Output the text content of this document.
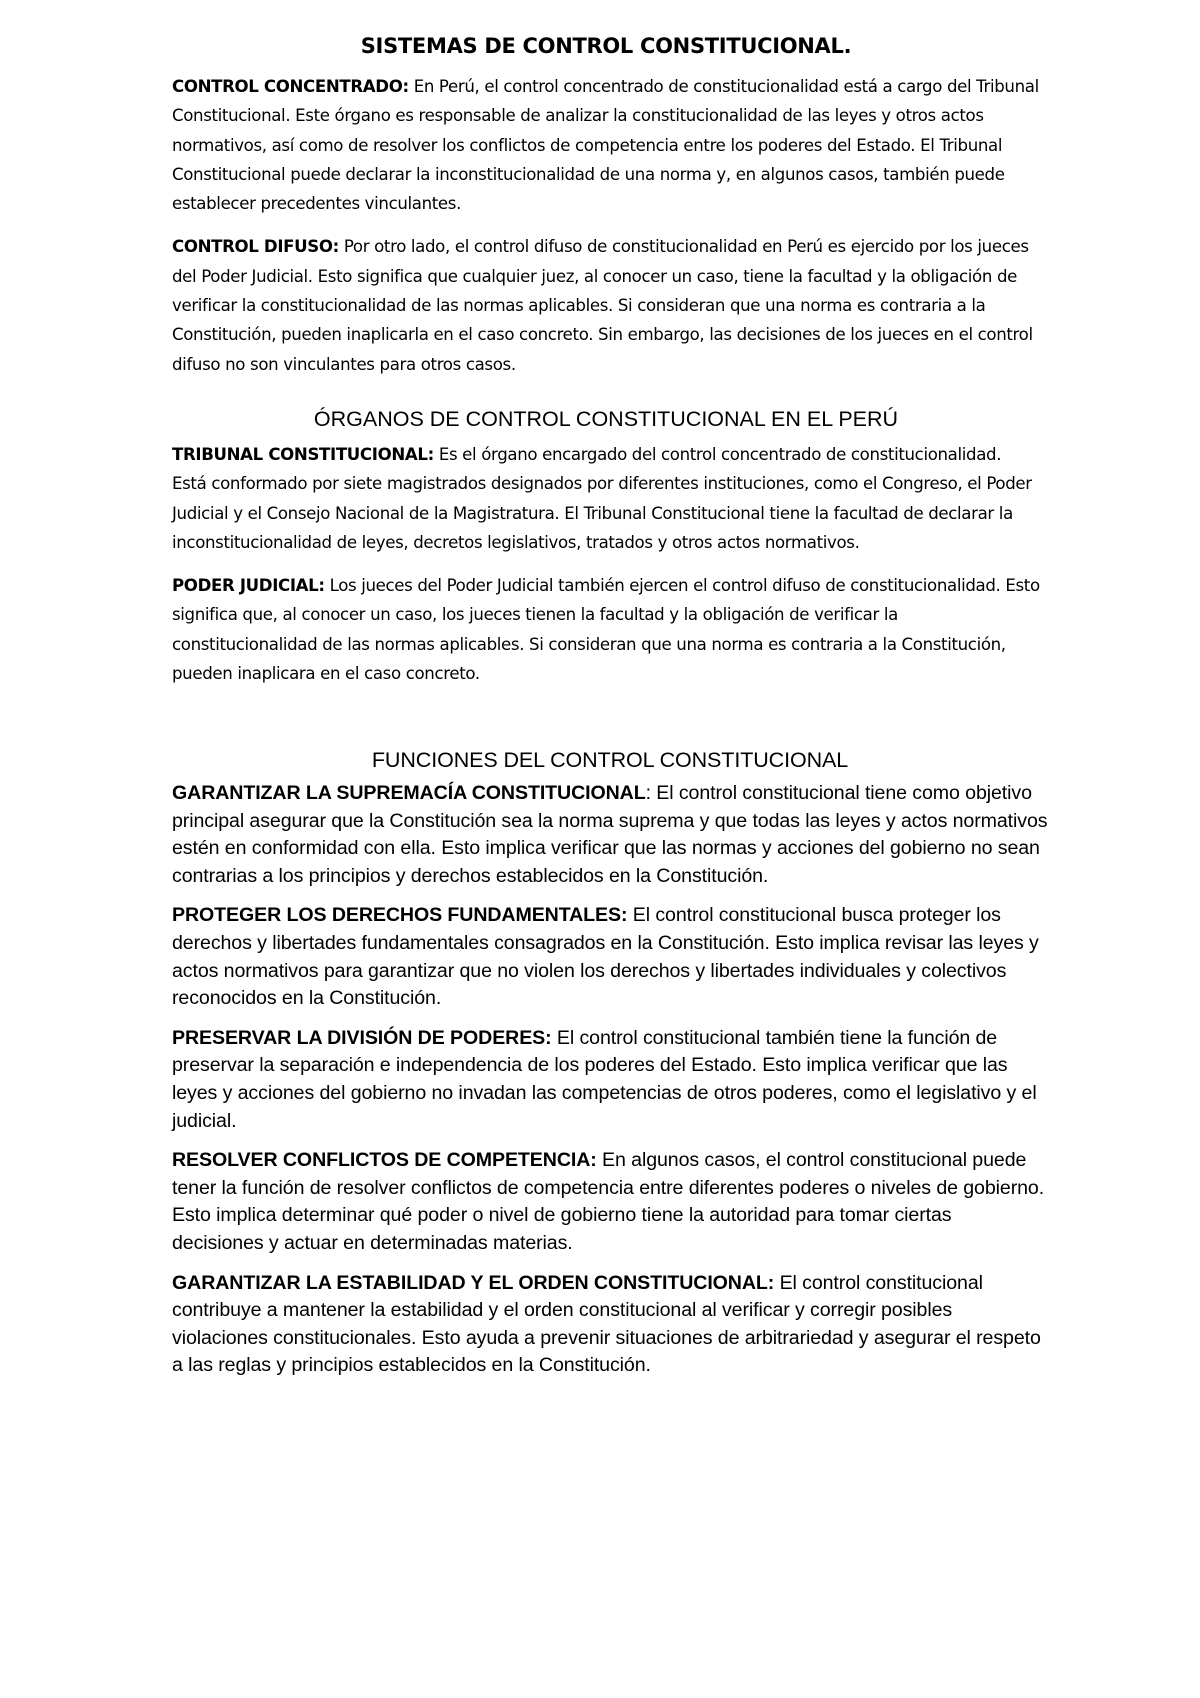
SISTEMAS DE CONTROL CONSTITUCIONAL.

CONTROL CONCENTRADO: En Perú, el control concentrado de constitucionalidad está a cargo del Tribunal Constitucional. Este órgano es responsable de analizar la constitucionalidad de las leyes y otros actos normativos, así como de resolver los conflictos de competencia entre los poderes del Estado. El Tribunal Constitucional puede declarar la inconstitucionalidad de una norma y, en algunos casos, también puede establecer precedentes vinculantes.

CONTROL DIFUSO: Por otro lado, el control difuso de constitucionalidad en Perú es ejercido por los jueces del Poder Judicial. Esto significa que cualquier juez, al conocer un caso, tiene la facultad y la obligación de verificar la constitucionalidad de las normas aplicables. Si consideran que una norma es contraria a la Constitución, pueden inaplicarla en el caso concreto. Sin embargo, las decisiones de los jueces en el control difuso no son vinculantes para otros casos.

ÓRGANOS DE CONTROL CONSTITUCIONAL EN EL PERÚ

TRIBUNAL CONSTITUCIONAL: Es el órgano encargado del control concentrado de constitucionalidad. Está conformado por siete magistrados designados por diferentes instituciones, como el Congreso, el Poder Judicial y el Consejo Nacional de la Magistratura. El Tribunal Constitucional tiene la facultad de declarar la inconstitucionalidad de leyes, decretos legislativos, tratados y otros actos normativos.

PODER JUDICIAL: Los jueces del Poder Judicial también ejercen el control difuso de constitucionalidad. Esto significa que, al conocer un caso, los jueces tienen la facultad y la obligación de verificar la constitucionalidad de las normas aplicables. Si consideran que una norma es contraria a la Constitución, pueden inaplicara en el caso concreto.

FUNCIONES DEL CONTROL CONSTITUCIONAL

GARANTIZAR LA SUPREMACÍA CONSTITUCIONAL: El control constitucional tiene como objetivo principal asegurar que la Constitución sea la norma suprema y que todas las leyes y actos normativos estén en conformidad con ella. Esto implica verificar que las normas y acciones del gobierno no sean contrarias a los principios y derechos establecidos en la Constitución.

PROTEGER LOS DERECHOS FUNDAMENTALES: El control constitucional busca proteger los derechos y libertades fundamentales consagrados en la Constitución. Esto implica revisar las leyes y actos normativos para garantizar que no violen los derechos y libertades individuales y colectivos reconocidos en la Constitución.

PRESERVAR LA DIVISIÓN DE PODERES: El control constitucional también tiene la función de preservar la separación e independencia de los poderes del Estado. Esto implica verificar que las leyes y acciones del gobierno no invadan las competencias de otros poderes, como el legislativo y el judicial.

RESOLVER CONFLICTOS DE COMPETENCIA: En algunos casos, el control constitucional puede tener la función de resolver conflictos de competencia entre diferentes poderes o niveles de gobierno. Esto implica determinar qué poder o nivel de gobierno tiene la autoridad para tomar ciertas decisiones y actuar en determinadas materias.

GARANTIZAR LA ESTABILIDAD Y EL ORDEN CONSTITUCIONAL: El control constitucional contribuye a mantener la estabilidad y el orden constitucional al verificar y corregir posibles violaciones constitucionales. Esto ayuda a prevenir situaciones de arbitrariedad y asegurar el respeto a las reglas y principios establecidos en la Constitución.
